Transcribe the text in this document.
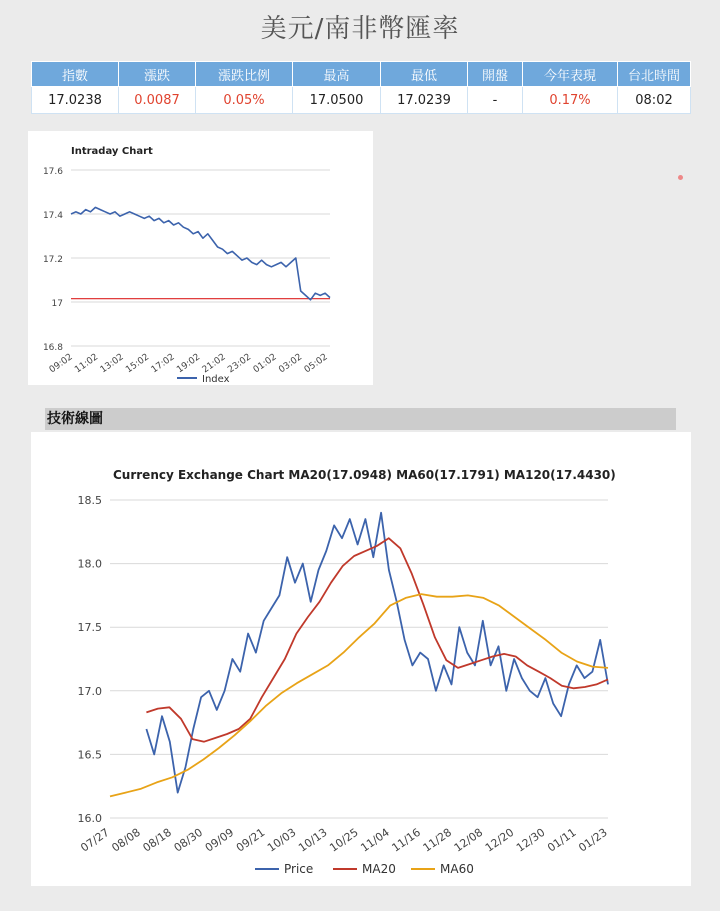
美元/南非幣匯率
指數	漲跌	漲跌比例	最高	最低	開盤	今年表現	台北時間
17.0238	0.0087	0.05%	17.0500	17.0239	-	0.17%	08:02
Intraday Chart
16.8
17
17.2
17.4
17.6
09:02
11:02
13:02
15:02
17:02
19:02
21:02
23:02
01:02
03:02
05:02
Index
技術線圖
Currency Exchange Chart MA20(17.0948) MA60(17.1791) MA120(17.4430)
16.0
16.5
17.0
17.5
18.0
18.5
07/27
08/08
08/18
08/30
09/09
09/21
10/03
10/13
10/25
11/04
11/16
11/28
12/08
12/20
12/30
01/11
01/23
Price	MA20	MA60
